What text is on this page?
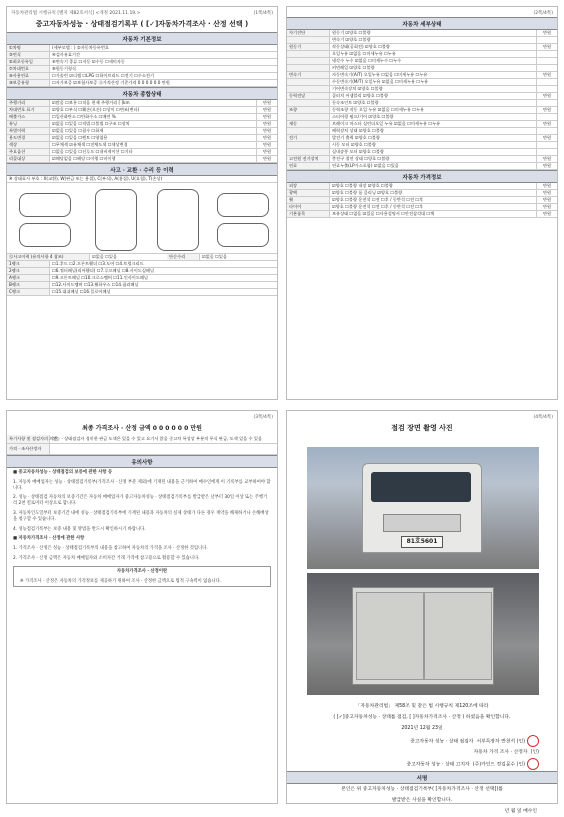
자동차관리법 시행규칙 [별지 제82호서식] <개정 2021.11.19.>	(1쪽/4쪽)
중고자동차성능 · 상태점검기록부 ( [✓]자동차가격조사 · 산정 선택 )
자동차 기본정보
①차명	(세부모델 : ) ②자동차등록번호
③연식	④검사유효기간
⑤최초등록일	⑥변속기 종류 ☐자동 ☑수동 ☐세미자동
⑦차대번호	⑧원동기형식
⑨사용연료	☐가솔린 ☑디젤 ☐LPG ☐하이브리드 ☐전기 ☐수소전기
⑩보증유형	☐자가보증 ☑보험사보증 ⑪가격산정 기준가격 0 0 0 0 0 0 만원
자동차 종합상태
주행거리	☑많음 ☐보통 ☐적음 현재 주행거리 [ ]km	만원
차대번호 표기	☑양호 ☐부식 ☐훼손(오손) ☐상이 ☐변조(변타)	만원
배출가스	☐일산화탄소 ☐탄화수소 ☐매연 %	만원
튜닝	☑없음 ☐있음 ☐적법 ☐불법 ☐구조 ☐장치	만원
특별이력	☑없음 ☐있음 ☐침수 ☐화재	만원
용도변경	☑없음 ☐있음 ☐렌트 ☐영업용	만원
색상	☐무채색 ☑유채색 ☐전체도색 ☐색상변경	만원
주요옵션	☐없음 ☐있음 ☐선루프 ☐내비게이션 ☐기타	만원
리콜대상	☑해당없음 ☐해당 ☐이행 ☐미이행	만원
사고 · 교환 · 수리 등 이력
※ 상태표시 부호 : X(교환), W(판금 또는 용접), C(부식), A(흠집), U(요철), T(손상)
⑫사고이력 (유의사항 4 참조)	☑없음 ☐있음	단순수리	☑없음 ☐있음
1랭크	☐1.후드 ☐2.프론트휀더 ☐3.도어 ☐4.트렁크리드
2랭크	☐6.쿼터패널(리어휀더) ☐7.루프패널 ☐8.사이드실패널
A랭크	☐9.프론트패널 ☐10.크로스멤버 ☐11.인사이드패널
B랭크	☐12.사이드멤버 ☐13.휠하우스 ☐14.필러패널
C랭크	☐15.대쉬패널 ☐16.플로어패널
(2쪽/4쪽)
자동차 세부상태
자기진단	원동기 ☑양호 ☐불량	만원
변속기 ☑양호 ☐불량
원동기	작동상태(공회전) ☑양호 ☐불량	만원
오일누유 ☑없음 ☐미세누유 ☐누유
냉각수 누수 ☑없음 ☐미세누수 ☐누수
커먼레일 ☑양호 ☐불량
변속기	자동변속기(A/T) 오일누유 ☐없음 ☐미세누유 ☐누유	만원
수동변속기(M/T) 오일누유 ☑없음 ☐미세누유 ☐누유
기어변속장치 ☑양호 ☐불량
동력전달	클러치 어셈블리 ☑양호 ☐불량	만원
등속조인트 ☑양호 ☐불량
조향	동력조향 작동 오일 누유 ☑없음 ☐미세누유 ☐누유	만원
스티어링 펌프/기어 ☑양호 ☐불량
제동	브레이크 마스터 실린더오일 누유 ☑없음 ☐미세누유 ☐누유	만원
배력장치 상태 ☑양호 ☐불량
전기	발전기 출력 ☑양호 ☐불량	만원
시동 모터 ☑양호 ☐불량
실내송풍 모터 ☑양호 ☐불량
고전원 전기장치	충전구 절연 상태 ☐양호 ☐불량	만원
연료	연료누출(LP가스포함) ☑없음 ☐있음	만원
자동차 가격정보
외장	☑양호 ☐불량 내장 ☑양호 ☐불량	만원
광택	☑양호 ☐불량 룸 클리닝 ☑양호 ☐불량	만원
휠	☑양호 ☐불량 운전석 ☐전 ☐후 / 동반석 ☐전 ☐후	만원
타이어	☑양호 ☐불량 운전석 ☐전 ☐후 / 동반석 ☐전 ☐후	만원
기본품목	보유상태 ☐없음 ☑있음 ☐사용설명서 ☐안전삼각대 ☐잭	만원
(3쪽/4쪽)
최종 가격조사 · 산정 금액 0 0 0 0 0 0 만원
특기사항 및 점검자의 의견
성능 · 상태점검자 경미한 판금 도색은 있을 수 있고 요기서 않음 중고차 특성상 부분적 무식 판금, 도색 있을 수 있음
가격 · 조사산정자
유의사항
■ 중고자동차성능 · 상태점검의 보증에 관한 사항 등
1. 자동차 매매업자는 성능 · 상태점검기록부(가격조사 · 산정 부분 제외)에 기재된 내용을 근거하여 매수인에게 이 기록부를 교부하여야 합니다.
2. 성능 · 상태점검 자동차의 보증기간은 자동차 매매업자가 중고자동차성능 · 상태점검기록부를 발급받은 날부터 30일 이상 또는 주행거리 2천 킬로미터 이상으로 합니다.
3. 자동차인도일부터 보증기간 내에 성능 · 상태점검기록부에 기재된 내용과 자동차의 실제 상태가 다른 경우 계약을 해제하거나 손해배상을 청구할 수 있습니다.
4. 성능점검기록부는 보증 내용 및 방법을 반드시 확인하시기 바랍니다.
■ 자동차가격조사 · 산정에 관한 사항
1. 가격조사 · 산정은 성능 · 상태점검기록부의 내용을 참고하여 자동차의 가격을 조사 · 산정한 것입니다.
2. 가격조사 · 산정 금액은 자동차 매매업자와 소비자간 거래 가격에 참고용으로 활용할 수 있습니다.
자동차가격조사 · 산정이란
※ 가격조사 · 산정은 자동차의 가격정보를 제공하기 위하여 조사 · 산정한 금액으로 법적 구속력이 없습니다.
(4쪽/4쪽)
점검 장면 촬영 사진
81호5601
「자동차관리법」 제58조 및 같은 법 시행규칙 제120조에 따라
( [✓]중고자동차성능 · 상태를 점검, [ ]자동차가격조사 · 산정 ) 하였음을 확인합니다.
2021년 12월 23일
중고자동차 성능 · 상태 점검자 서부특장차 반천석 (인)
자동차 가격 조사 · 산정자 (인)
중고자동차 성능 · 상태 고지자 (주)카인드 정김문수 (인)
서명
본인은 위 중고자동차성능 · 상태점검기록부( [자동차가격조사 · 산정 선택])를
발급받은 사실을 확인합니다.
년 월 일 매수인
